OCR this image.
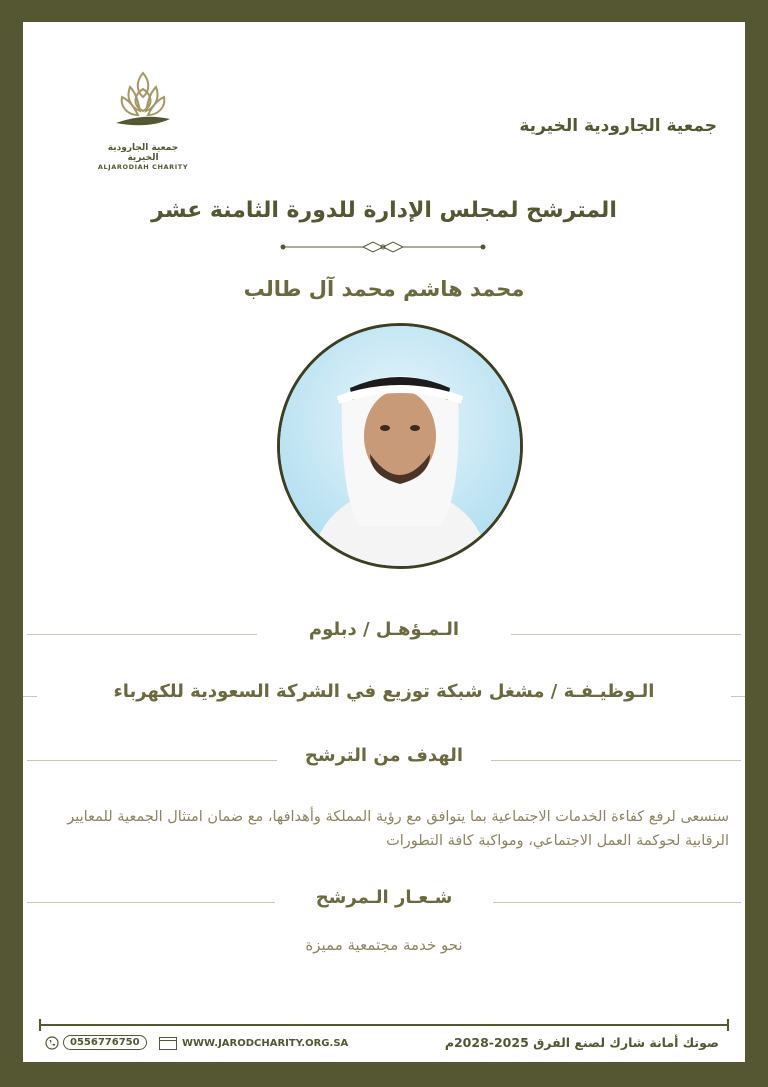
جمعية الجارودية الخيرية
ALJARODIAH CHARITY
جمعية الجارودية الخيرية
المترشح لمجلس الإدارة للدورة الثامنة عشر
محمد هاشم محمد آل طالب
الـمـؤهـل / دبلوم
الـوظيـفـة / مشغل شبكة توزيع في الشركة السعودية للكهرباء
الهدف من الترشح
سنسعى لرفع كفاءة الخدمات الاجتماعية بما يتوافق مع رؤية المملكة وأهدافها، مع ضمان امتثال الجمعية للمعايير الرقابية لحوكمة العمل الاجتماعي، ومواكبة كافة التطورات
شـعـار الـمرشح
نحو خدمة مجتمعية مميزة
0556776750	WWW.JARODCHARITY.ORG.SA	صوتك أمانة شارك لصنع الفرق 2025-2028م
